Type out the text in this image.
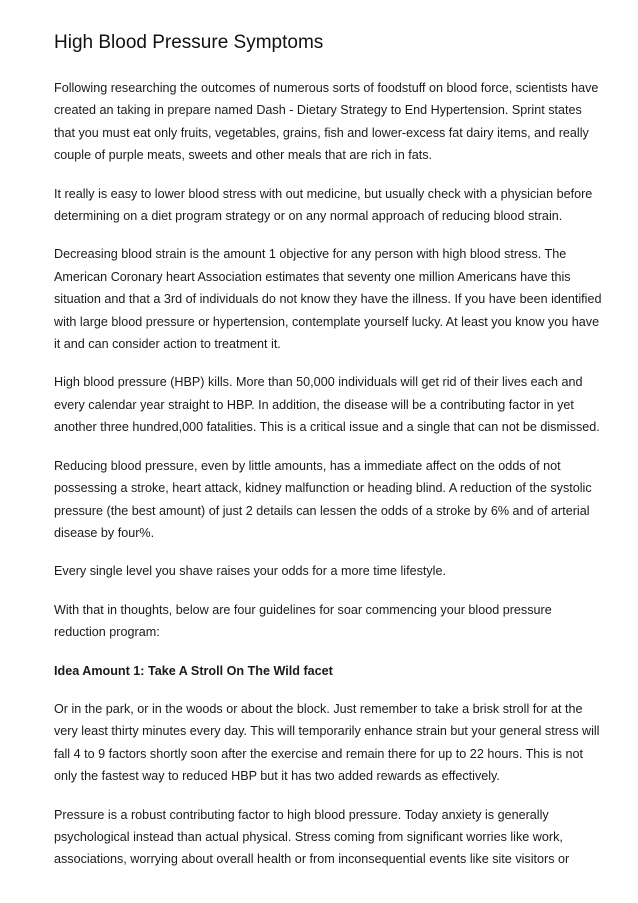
High Blood Pressure Symptoms

Following researching the outcomes of numerous sorts of foodstuff on blood force, scientists have created an taking in prepare named Dash - Dietary Strategy to End Hypertension. Sprint states that you must eat only fruits, vegetables, grains, fish and lower-excess fat dairy items, and really couple of purple meats, sweets and other meals that are rich in fats.

It really is easy to lower blood stress with out medicine, but usually check with a physician before determining on a diet program strategy or on any normal approach of reducing blood strain.

Decreasing blood strain is the amount 1 objective for any person with high blood stress. The American Coronary heart Association estimates that seventy one million Americans have this situation and that a 3rd of individuals do not know they have the illness. If you have been identified with large blood pressure or hypertension, contemplate yourself lucky. At least you know you have it and can consider action to treatment it.

High blood pressure (HBP) kills. More than 50,000 individuals will get rid of their lives each and every calendar year straight to HBP. In addition, the disease will be a contributing factor in yet another three hundred,000 fatalities. This is a critical issue and a single that can not be dismissed.

Reducing blood pressure, even by little amounts, has a immediate affect on the odds of not possessing a stroke, heart attack, kidney malfunction or heading blind. A reduction of the systolic pressure (the best amount) of just 2 details can lessen the odds of a stroke by 6% and of arterial disease by four%.

Every single level you shave raises your odds for a more time lifestyle.

With that in thoughts, below are four guidelines for soar commencing your blood pressure reduction program:

Idea Amount 1: Take A Stroll On The Wild facet

Or in the park, or in the woods or about the block. Just remember to take a brisk stroll for at the very least thirty minutes every day. This will temporarily enhance strain but your general stress will fall 4 to 9 factors shortly soon after the exercise and remain there for up to 22 hours. This is not only the fastest way to reduced HBP but it has two added rewards as effectively.

Pressure is a robust contributing factor to high blood pressure. Today anxiety is generally psychological instead than actual physical. Stress coming from significant worries like work, associations, worrying about overall health or from inconsequential events like site visitors or
